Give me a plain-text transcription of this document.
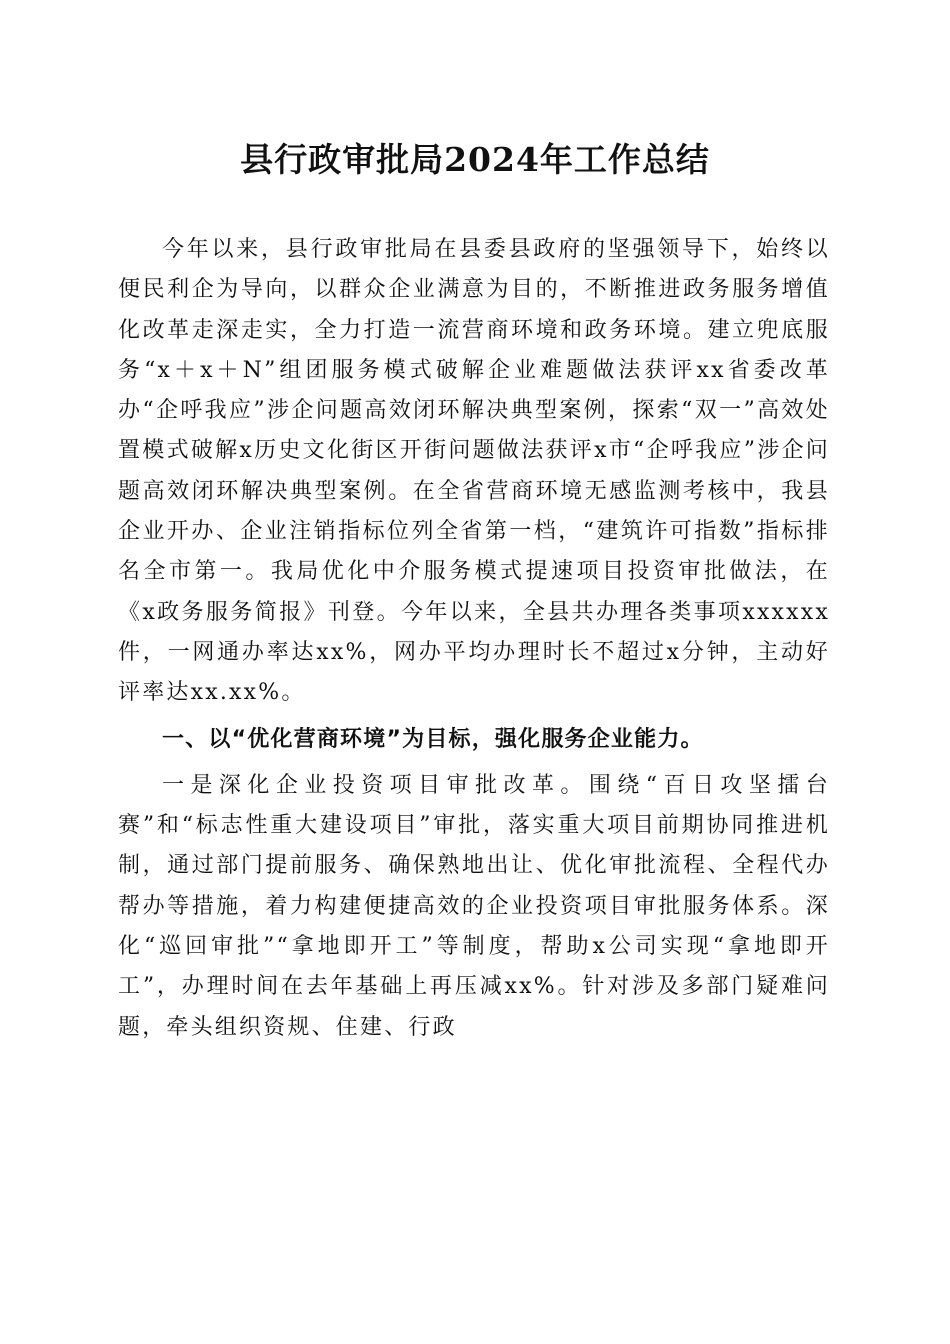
县行政审批局2024年工作总结

今年以来，县行政审批局在县委县政府的坚强领导下，始终以便民利企为导向，以群众企业满意为目的，不断推进政务服务增值化改革走深走实，全力打造一流营商环境和政务环境。建立兜底服务“x＋x＋N”组团服务模式破解企业难题做法获评xx省委改革办“企呼我应”涉企问题高效闭环解决典型案例，探索“双一”高效处置模式破解x历史文化街区开街问题做法获评x市“企呼我应”涉企问题高效闭环解决典型案例。在全省营商环境无感监测考核中，我县企业开办、企业注销指标位列全省第一档，“建筑许可指数”指标排名全市第一。我局优化中介服务模式提速项目投资审批做法，在《x政务服务简报》刊登。今年以来，全县共办理各类事项xxxxxx件，一网通办率达xx%，网办平均办理时长不超过x分钟，主动好评率达xx.xx%。

一、以“优化营商环境”为目标，强化服务企业能力。

一是深化企业投资项目审批改革。围绕“百日攻坚擂台赛”和“标志性重大建设项目”审批，落实重大项目前期协同推进机制，通过部门提前服务、确保熟地出让、优化审批流程、全程代办帮办等措施，着力构建便捷高效的企业投资项目审批服务体系。深化“巡回审批”“拿地即开工”等制度，帮助x公司实现“拿地即开工”，办理时间在去年基础上再压减xx%。针对涉及多部门疑难问题，牵头组织资规、住建、行政
